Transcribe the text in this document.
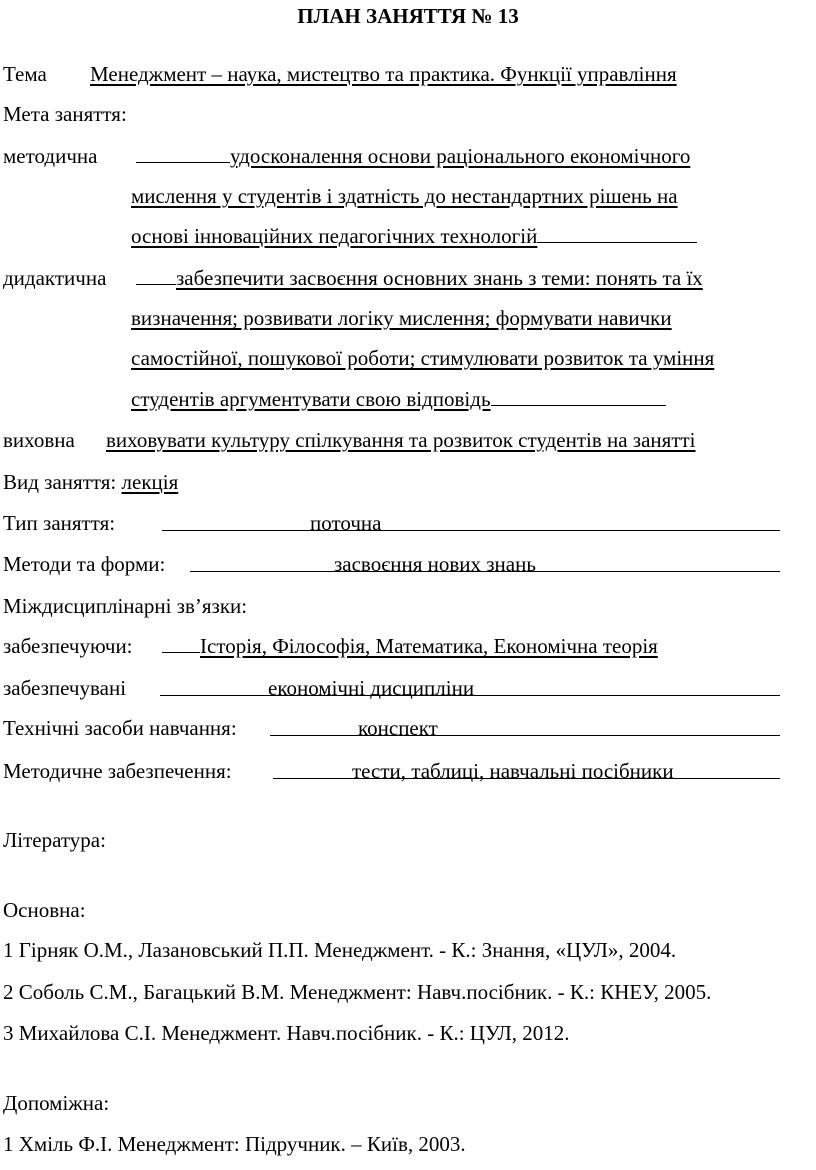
ПЛАН ЗАНЯТТЯ № 13
Тема Менеджмент – наука, мистецтво та практика. Функції управління
Мета заняття:
методична	удосконалення основи раціонального економічного
мислення у студентів і здатність до нестандартних рішень на
основі інноваційних педагогічних технологій
дидактична	забезпечити засвоєння основних знань з теми: понять та їх
визначення; розвивати логіку мислення; формувати навички
самостійної, пошукової роботи; стимулювати розвиток та уміння
студентів аргументувати свою відповідь
виховна виховувати культуру спілкування та розвиток студентів на занятті
Вид заняття: лекція
Тип заняття:	поточна
Методи та форми:	засвоєння нових знань
Міждисциплінарні зв’язки:
забезпечуючи:	Історія, Філософія, Математика, Економічна теорія
забезпечувані	економічні дисципліни
Технічні засоби навчання:	конспект
Методичне забезпечення:	тести, таблиці, навчальні посібники
Література:
Основна:
1 Гірняк О.М., Лазановський П.П. Менеджмент. - К.: Знання, «ЦУЛ», 2004.
2 Соболь С.М., Багацький В.М. Менеджмент: Навч.посібник. - К.: КНЕУ, 2005.
3 Михайлова С.І. Менеджмент. Навч.посібник. - К.: ЦУЛ, 2012.
Допоміжна:
1 Хміль Ф.І. Менеджмент: Підручник. – Київ, 2003.
